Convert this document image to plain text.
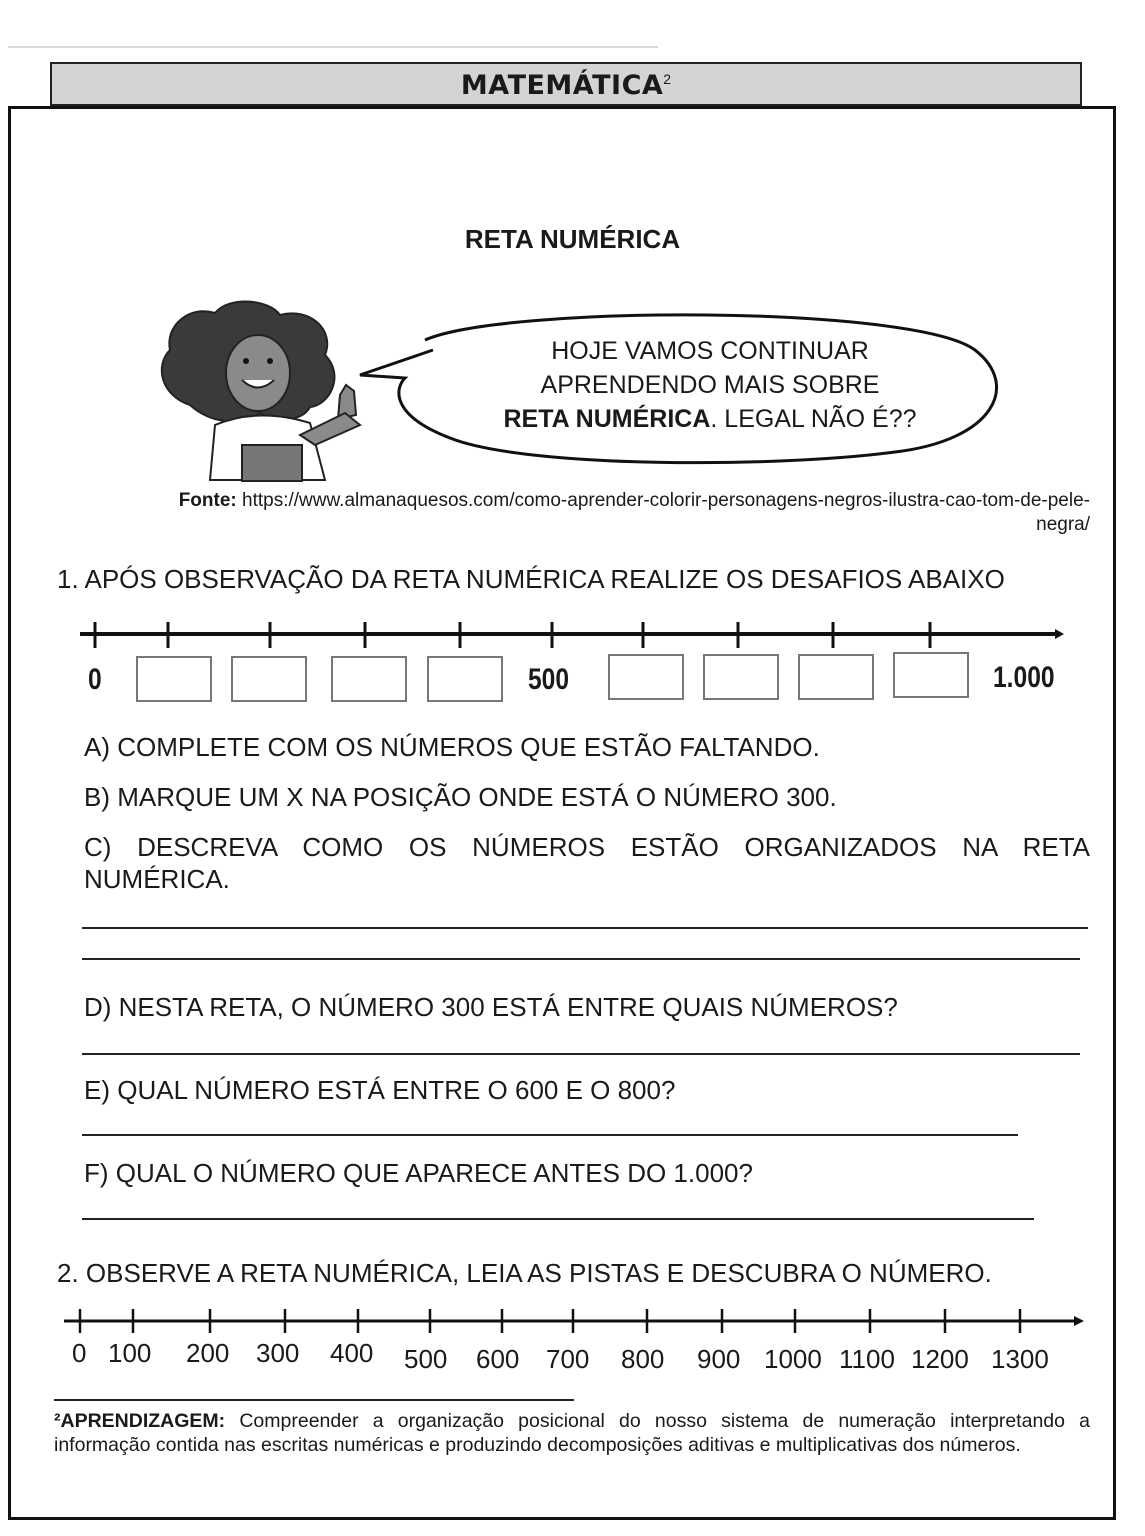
MATEMÁTICA$^2$
RETA NUMÉRICA
HOJE VAMOS CONTINUAR
APRENDENDO MAIS SOBRE
RETA NUMÉRICA. LEGAL NÃO É??
Fonte: https://www.almanaquesos.com/como-aprender-colorir-personagens-negros-ilustra-cao-tom-de-pele-negra/
1. APÓS OBSERVAÇÃO DA RETA NUMÉRICA REALIZE OS DESAFIOS ABAIXO
0	500	1.000
A) COMPLETE COM OS NÚMEROS QUE ESTÃO FALTANDO.
B) MARQUE UM X NA POSIÇÃO ONDE ESTÁ O NÚMERO 300.
C) DESCREVA COMO OS NÚMEROS ESTÃO ORGANIZADOS NA RETA
NUMÉRICA.
D) NESTA RETA, O NÚMERO 300 ESTÁ ENTRE QUAIS NÚMEROS?
E) QUAL NÚMERO ESTÁ ENTRE O 600 E O 800?
F) QUAL O NÚMERO QUE APARECE ANTES DO 1.000?
2. OBSERVE A RETA NUMÉRICA, LEIA AS PISTAS E DESCUBRA O NÚMERO.
0 100 200 300 400 500 600 700 800 900 1000 1100 1200 1300
²APRENDIZAGEM: Compreender a organização posicional do nosso sistema de numeração interpretando a informação contida nas escritas numéricas e produzindo decomposições aditivas e multiplicativas dos números.
